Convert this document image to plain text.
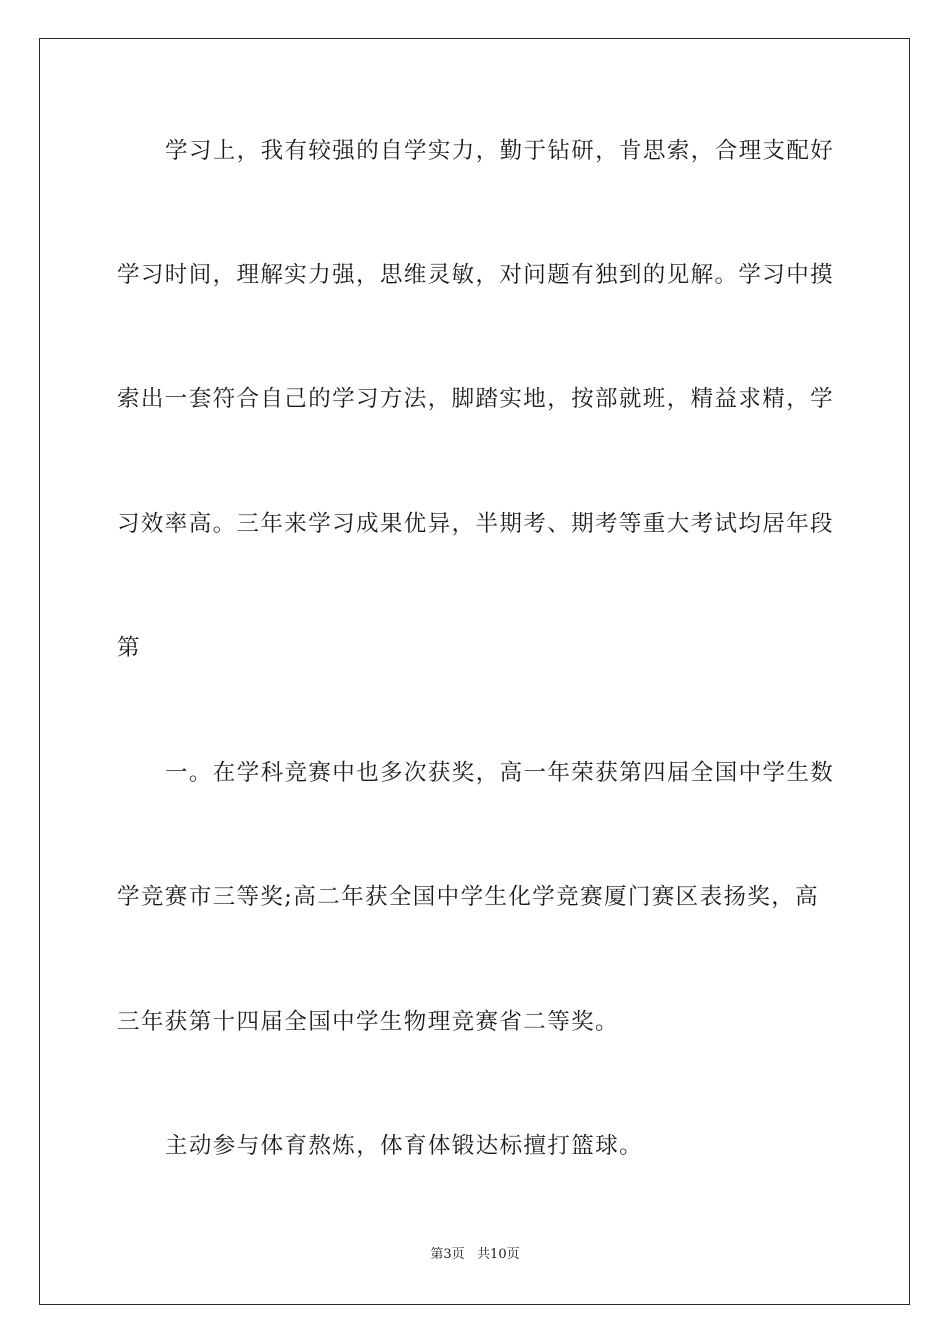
学习上，我有较强的自学实力，勤于钻研，肯思索，合理支配好
学习时间，理解实力强，思维灵敏，对问题有独到的见解。学习中摸
索出一套符合自己的学习方法，脚踏实地，按部就班，精益求精，学
习效率高。三年来学习成果优异，半期考、期考等重大考试均居年段
第
一。在学科竞赛中也多次获奖，高一年荣获第四届全国中学生数
学竞赛市三等奖;高二年获全国中学生化学竞赛厦门赛区表扬奖，高
三年获第十四届全国中学生物理竞赛省二等奖。
主动参与体育熬炼，体育体锻达标擅打篮球。
第3页   共10页
